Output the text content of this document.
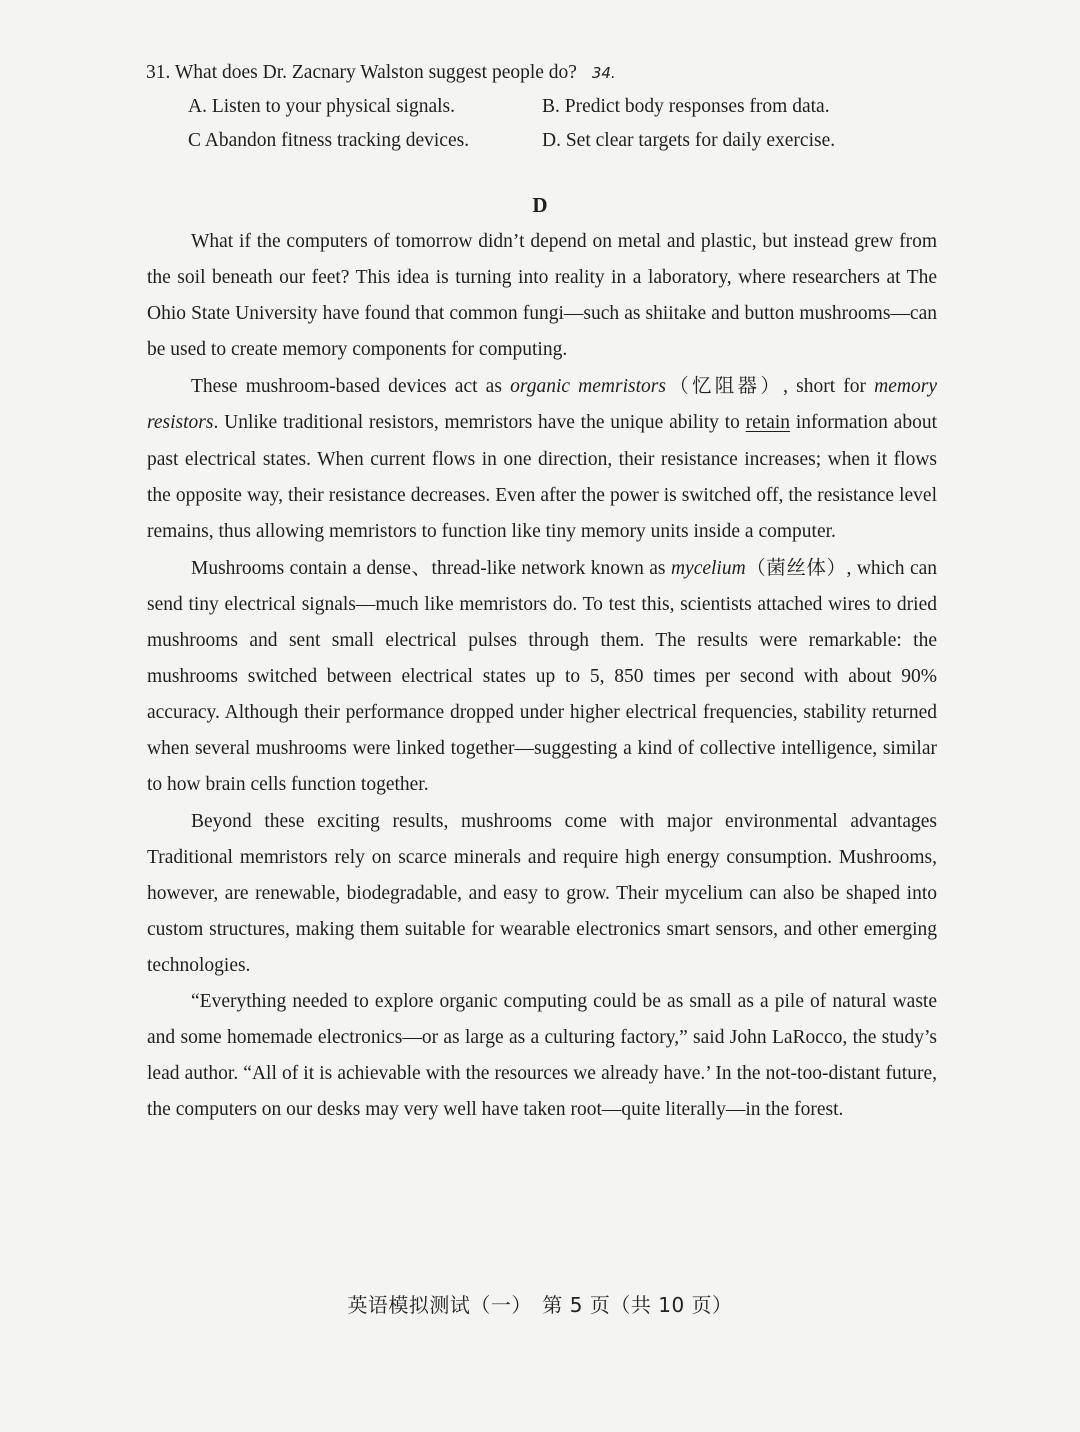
31. What does Dr. Zacnary Walston suggest people do? 34.
A. Listen to your physical signals.	B. Predict body responses from data.
C Abandon fitness tracking devices.	D. Set clear targets for daily exercise.
D

What if the computers of tomorrow didn’t depend on metal and plastic, but instead grew from the soil beneath our feet? This idea is turning into reality in a laboratory, where researchers at The Ohio State University have found that common fungi—such as shiitake and button mushrooms—can be used to create memory components for computing.

These mushroom-based devices act as organic memristors（忆阻器）, short for memory resistors. Unlike traditional resistors, memristors have the unique ability to retain information about past electrical states. When current flows in one direction, their resistance increases; when it flows the opposite way, their resistance decreases. Even after the power is switched off, the resistance level remains, thus allowing memristors to function like tiny memory units inside a computer.

Mushrooms contain a dense、thread-like network known as mycelium（菌丝体）, which can send tiny electrical signals—much like memristors do. To test this, scientists attached wires to dried mushrooms and sent small electrical pulses through them. The results were remarkable: the mushrooms switched between electrical states up to 5, 850 times per second with about 90% accuracy. Although their performance dropped under higher electrical frequencies, stability returned when several mushrooms were linked together—suggesting a kind of collective intelligence, similar to how brain cells function together.

Beyond these exciting results, mushrooms come with major environmental advantages Traditional memristors rely on scarce minerals and require high energy consumption. Mushrooms, however, are renewable, biodegradable, and easy to grow. Their mycelium can also be shaped into custom structures, making them suitable for wearable electronics smart sensors, and other emerging technologies.

“Everything needed to explore organic computing could be as small as a pile of natural waste and some homemade electronics—or as large as a culturing factory,” said John LaRocco, the study’s lead author. “All of it is achievable with the resources we already have.’ In the not-too-distant future, the computers on our desks may very well have taken root—quite literally—in the forest.

英语模拟测试（一）　第 5 页（共 10 页）
